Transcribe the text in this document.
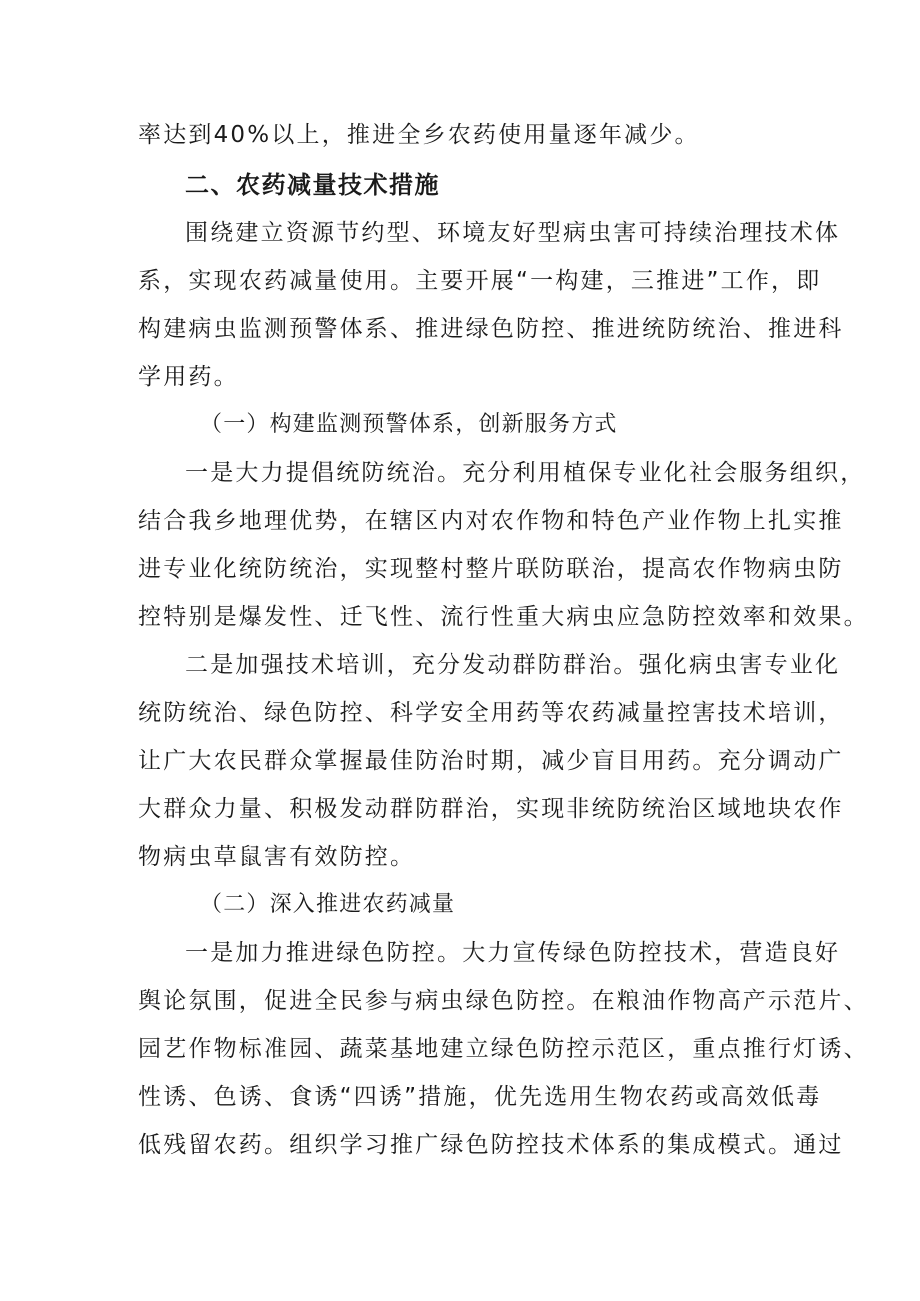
率达到40%以上，推进全乡农药使用量逐年减少。
二、农药减量技术措施
围绕建立资源节约型、环境友好型病虫害可持续治理技术体
系，实现农药减量使用。主要开展“一构建，三推进”工作，即
构建病虫监测预警体系、推进绿色防控、推进统防统治、推进科
学用药。
（一）构建监测预警体系，创新服务方式
一是大力提倡统防统治。充分利用植保专业化社会服务组织，
结合我乡地理优势，在辖区内对农作物和特色产业作物上扎实推
进专业化统防统治，实现整村整片联防联治，提高农作物病虫防
控特别是爆发性、迁飞性、流行性重大病虫应急防控效率和效果。
二是加强技术培训，充分发动群防群治。强化病虫害专业化
统防统治、绿色防控、科学安全用药等农药减量控害技术培训，
让广大农民群众掌握最佳防治时期，减少盲目用药。充分调动广
大群众力量、积极发动群防群治，实现非统防统治区域地块农作
物病虫草鼠害有效防控。
（二）深入推进农药减量
一是加力推进绿色防控。大力宣传绿色防控技术，营造良好
舆论氛围，促进全民参与病虫绿色防控。在粮油作物高产示范片、
园艺作物标准园、蔬菜基地建立绿色防控示范区，重点推行灯诱、
性诱、色诱、食诱“四诱”措施，优先选用生物农药或高效低毒
低残留农药。组织学习推广绿色防控技术体系的集成模式。通过
